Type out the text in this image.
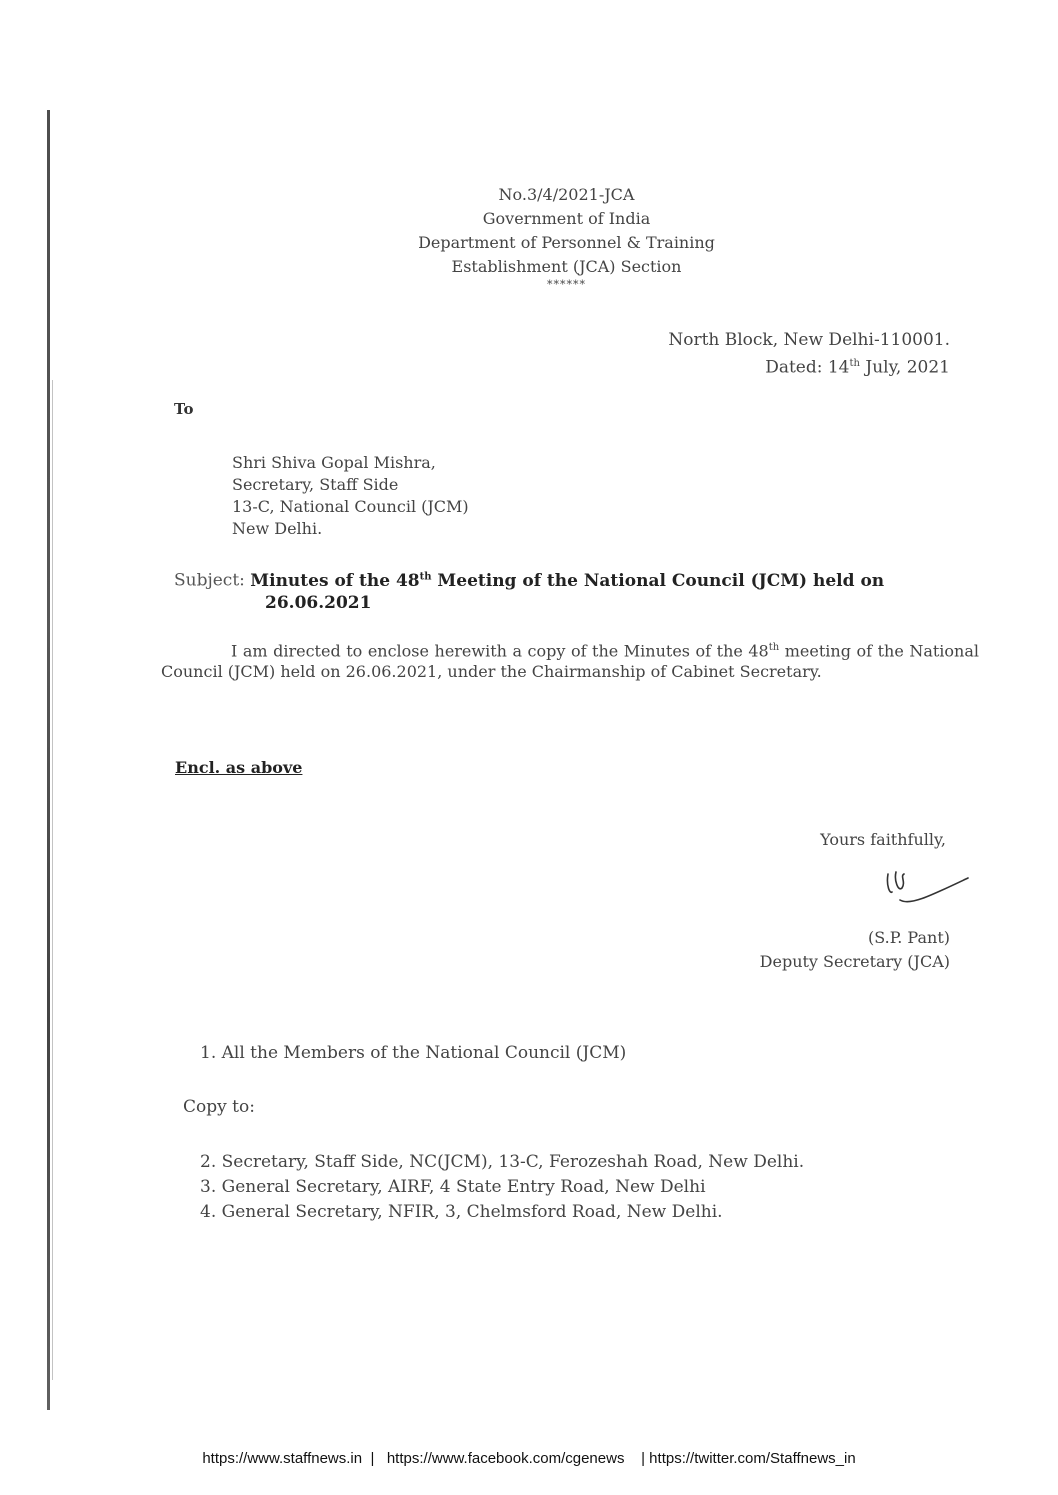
No.3/4/2021-JCA
Government of India
Department of Personnel & Training
Establishment (JCA) Section
******
North Block, New Delhi-110001.
Dated: 14th July, 2021
To
Shri Shiva Gopal Mishra,
Secretary, Staff Side
13-C, National Council (JCM)
New Delhi.
Subject: Minutes of the 48th Meeting of the National Council (JCM) held on
26.06.2021
I am directed to enclose herewith a copy of the Minutes of the 48th meeting of the National Council (JCM) held on 26.06.2021, under the Chairmanship of Cabinet Secretary.
Encl. as above
Yours faithfully,
(S.P. Pant)
Deputy Secretary (JCA)
1. All the Members of the National Council (JCM)
Copy to:
2. Secretary, Staff Side, NC(JCM), 13-C, Ferozeshah Road, New Delhi.
3. General Secretary, AIRF, 4 State Entry Road, New Delhi
4. General Secretary, NFIR, 3, Chelmsford Road, New Delhi.
https://www.staffnews.in  |   https://www.facebook.com/cgenews    | https://twitter.com/Staffnews_in
